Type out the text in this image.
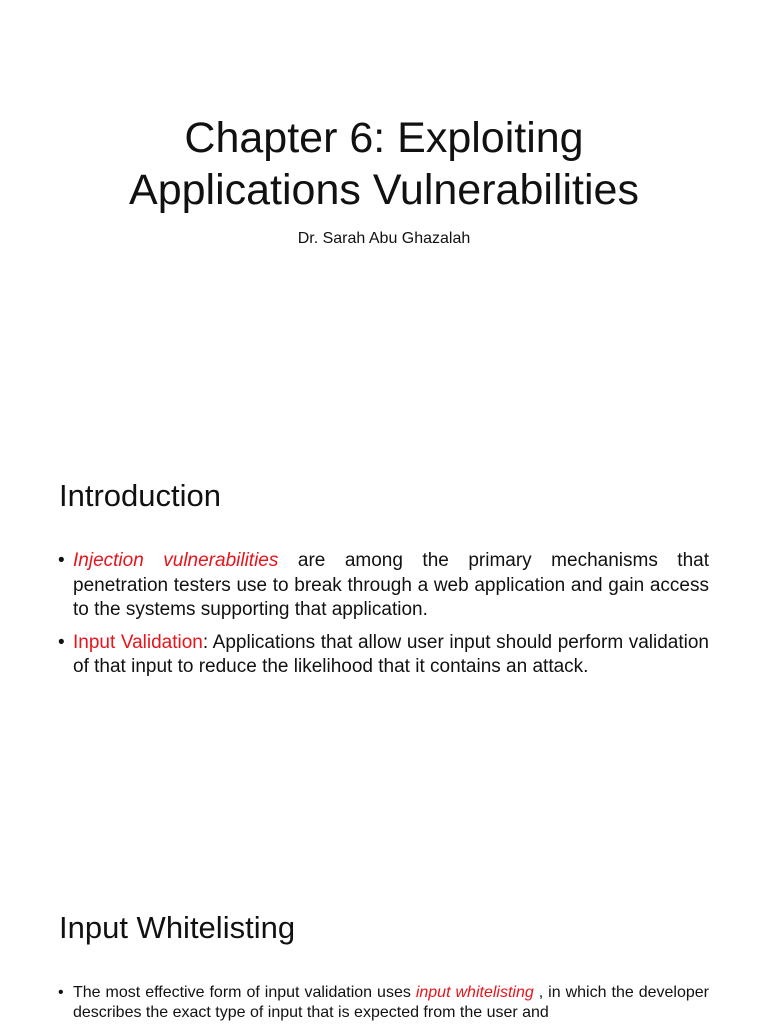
Chapter 6: Exploiting
Applications Vulnerabilities
Dr. Sarah Abu Ghazalah
Introduction
• Injection vulnerabilities are among the primary mechanisms that penetration testers use to break through a web application and gain access to the systems supporting that application.
• Input Validation: Applications that allow user input should perform validation of that input to reduce the likelihood that it contains an attack.
Input Whitelisting
• The most effective form of input validation uses input whitelisting , in which the developer describes the exact type of input that is expected from the user and
